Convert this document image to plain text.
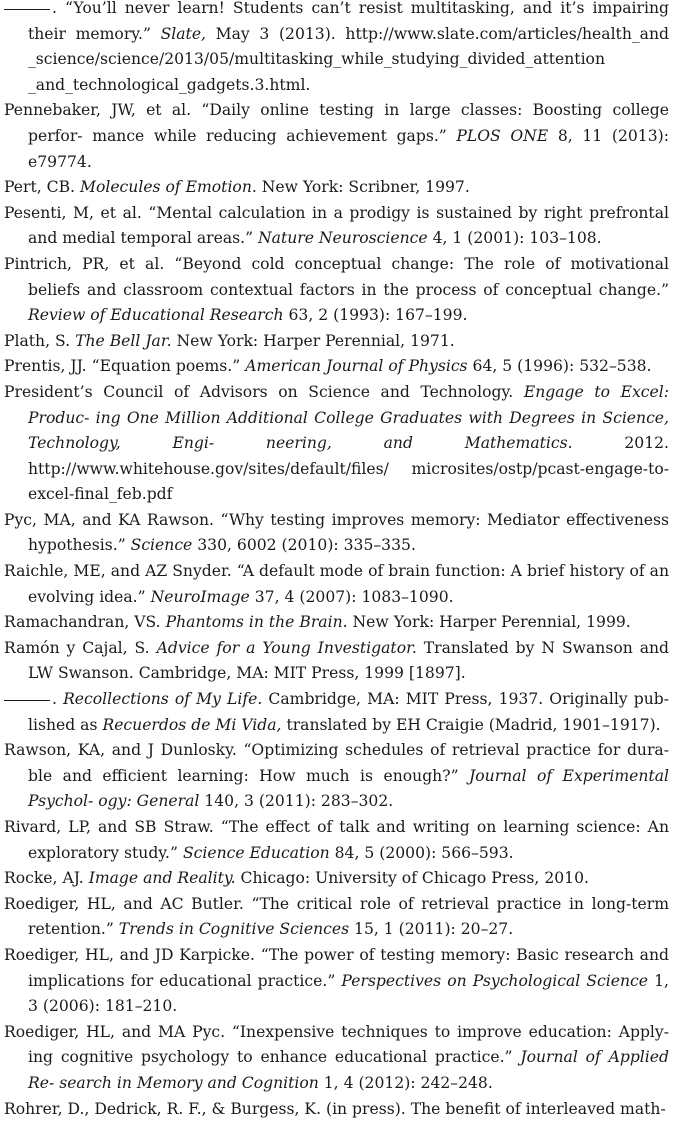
. “You’ll never learn! Students can’t resist multitasking, and it’s impairing their memory.” Slate, May 3 (2013). http://www.slate.com/articles/health_and _science/science/2013/05/multitasking_while_studying_divided_attention _and_technological_gadgets.3.html.

Pennebaker, JW, et al. “Daily online testing in large classes: Boosting college perfor- mance while reducing achievement gaps.” PLOS ONE 8, 11 (2013): e79774.

Pert, CB. Molecules of Emotion. New York: Scribner, 1997.

Pesenti, M, et al. “Mental calculation in a prodigy is sustained by right prefrontal and medial temporal areas.” Nature Neuroscience 4, 1 (2001): 103–108.

Pintrich, PR, et al. “Beyond cold conceptual change: The role of motivational beliefs and classroom contextual factors in the process of conceptual change.” Review of Educational Research 63, 2 (1993): 167–199.

Plath, S. The Bell Jar. New York: Harper Perennial, 1971.

Prentis, JJ. “Equation poems.” American Journal of Physics 64, 5 (1996): 532–538.

President’s Council of Advisors on Science and Technology. Engage to Excel: Produc- ing One Million Additional College Graduates with Degrees in Science, Technology, Engi- neering, and Mathematics. 2012. http://www.whitehouse.gov/sites/default/files/ microsites/ostp/pcast-engage-to-excel-final_feb.pdf

Pyc, MA, and KA Rawson. “Why testing improves memory: Mediator effectiveness hypothesis.” Science 330, 6002 (2010): 335–335.

Raichle, ME, and AZ Snyder. “A default mode of brain function: A brief history of an evolving idea.” NeuroImage 37, 4 (2007): 1083–1090.

Ramachandran, VS. Phantoms in the Brain. New York: Harper Perennial, 1999.

Ramón y Cajal, S. Advice for a Young Investigator. Translated by N Swanson and LW Swanson. Cambridge, MA: MIT Press, 1999 [1897].

. Recollections of My Life. Cambridge, MA: MIT Press, 1937. Originally pub- lished as Recuerdos de Mi Vida, translated by EH Craigie (Madrid, 1901–1917).

Rawson, KA, and J Dunlosky. “Optimizing schedules of retrieval practice for dura- ble and efficient learning: How much is enough?” Journal of Experimental Psychol- ogy: General 140, 3 (2011): 283–302.

Rivard, LP, and SB Straw. “The effect of talk and writing on learning science: An exploratory study.” Science Education 84, 5 (2000): 566–593.

Rocke, AJ. Image and Reality. Chicago: University of Chicago Press, 2010.

Roediger, HL, and AC Butler. “The critical role of retrieval practice in long-term retention.” Trends in Cognitive Sciences 15, 1 (2011): 20–27.

Roediger, HL, and JD Karpicke. “The power of testing memory: Basic research and implications for educational practice.” Perspectives on Psychological Science 1, 3 (2006): 181–210.

Roediger, HL, and MA Pyc. “Inexpensive techniques to improve education: Apply- ing cognitive psychology to enhance educational practice.” Journal of Applied Re- search in Memory and Cognition 1, 4 (2012): 242–248.

Rohrer, D., Dedrick, R. F., & Burgess, K. (in press). The benefit of interleaved math-
